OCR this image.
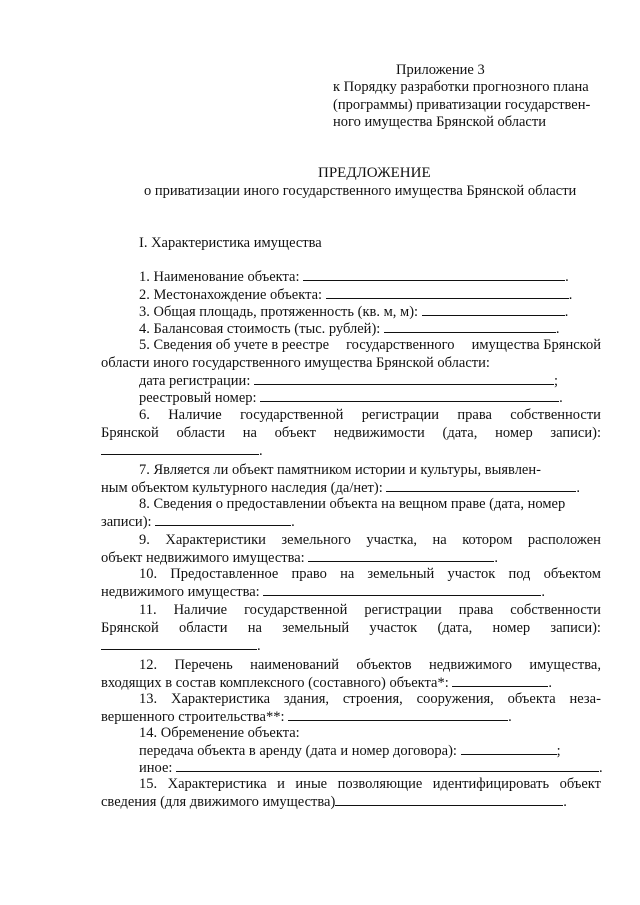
Приложение 3
к Порядку разработки прогнозного плана
(программы) приватизации государствен-
ного имущества Брянской области
ПРЕДЛОЖЕНИЕ
о приватизации иного государственного имущества Брянской области
I. Характеристика имущества
1. Наименование объекта:	.
2. Местонахождение объекта:	.
3. Общая площадь, протяженность (кв. м, м):	.
4. Балансовая стоимость (тыс. рублей):	.
5. Сведения об учете в реестре государственного имущества Брянской
области иного государственного имущества Брянской области:
дата регистрации:	;
реестровый номер:	.
6. Наличие государственной регистрации права собственности
Брянской области на объект недвижимости (дата, номер записи):
.
7. Является ли объект памятником истории и культуры, выявлен-
ным объектом культурного наследия (да/нет):	.
8. Сведения о предоставлении объекта на вещном праве (дата, номер
записи):	.
9. Характеристики земельного участка, на котором расположен
объект недвижимого имущества:	.
10. Предоставленное право на земельный участок под объектом
недвижимого имущества:	.
11. Наличие государственной регистрации права собственности
Брянской области на земельный участок (дата, номер записи):
.
12. Перечень наименований объектов недвижимого имущества,
входящих в состав комплексного (составного) объекта*:	.
13. Характеристика здания, строения, сооружения, объекта неза-
вершенного строительства**:	.
14. Обременение объекта:
передача объекта в аренду (дата и номер договора):	;
иное:	.
15. Характеристика и иные позволяющие идентифицировать объект
сведения (для движимого имущества)	.
